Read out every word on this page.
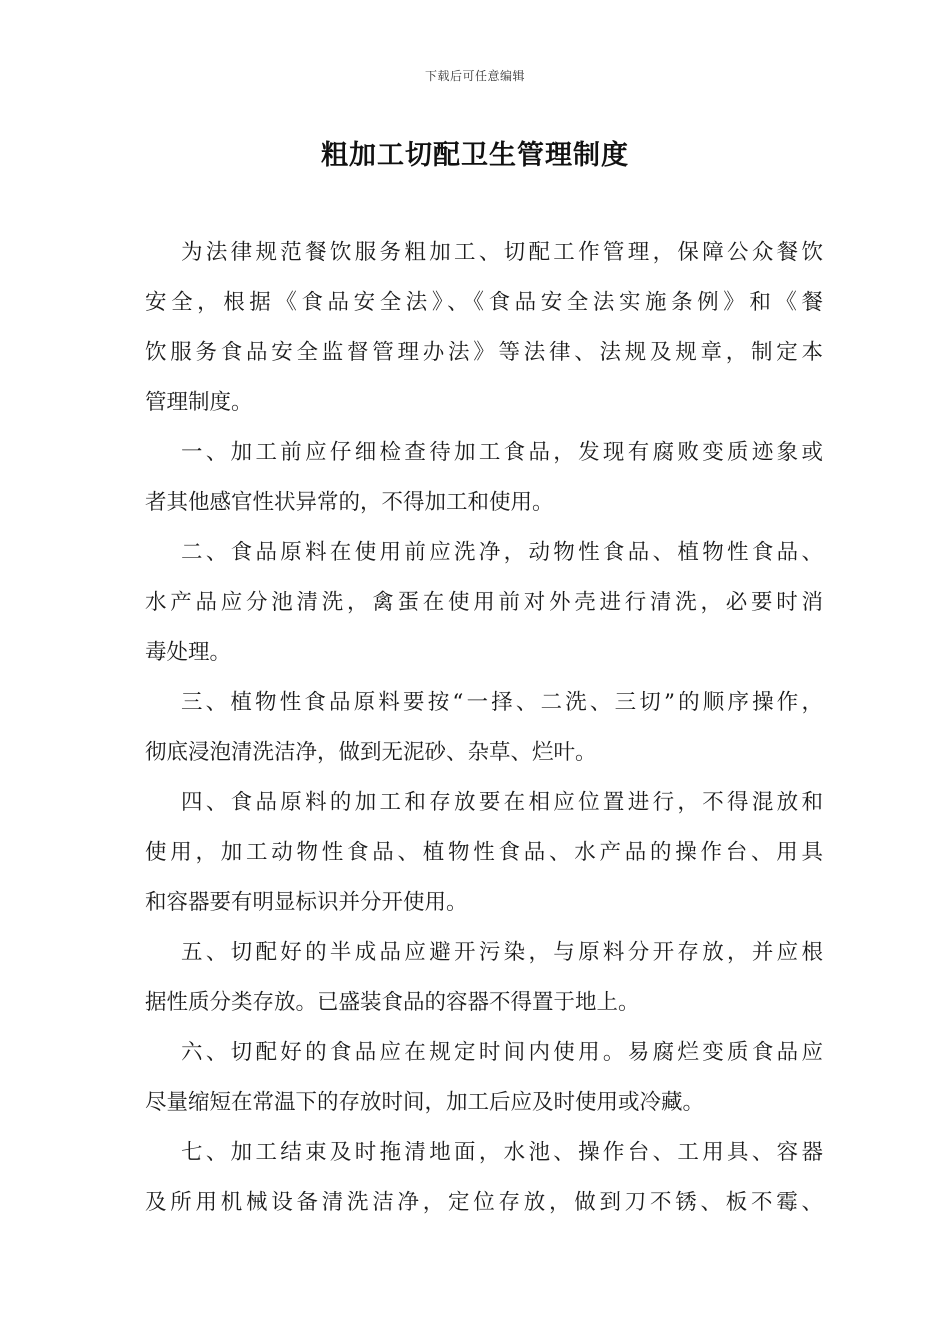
下载后可任意编辑
粗加工切配卫生管理制度
为法律规范餐饮服务粗加工、切配工作管理，保障公众餐饮
安全，根据《食品安全法》、《食品安全法实施条例》和《餐
饮服务食品安全监督管理办法》等法律、法规及规章，制定本
管理制度。
一、加工前应仔细检查待加工食品，发现有腐败变质迹象或
者其他感官性状异常的，不得加工和使用。
二、食品原料在使用前应洗净，动物性食品、植物性食品、
水产品应分池清洗，禽蛋在使用前对外壳进行清洗，必要时消
毒处理。
三、植物性食品原料要按“一择、二洗、三切”的顺序操作，
彻底浸泡清洗洁净，做到无泥砂、杂草、烂叶。
四、食品原料的加工和存放要在相应位置进行，不得混放和
使用，加工动物性食品、植物性食品、水产品的操作台、用具
和容器要有明显标识并分开使用。
五、切配好的半成品应避开污染，与原料分开存放，并应根
据性质分类存放。已盛装食品的容器不得置于地上。
六、切配好的食品应在规定时间内使用。易腐烂变质食品应
尽量缩短在常温下的存放时间，加工后应及时使用或冷藏。
七、加工结束及时拖清地面，水池、操作台、工用具、容器
及所用机械设备清洗洁净，定位存放，做到刀不锈、板不霉、
